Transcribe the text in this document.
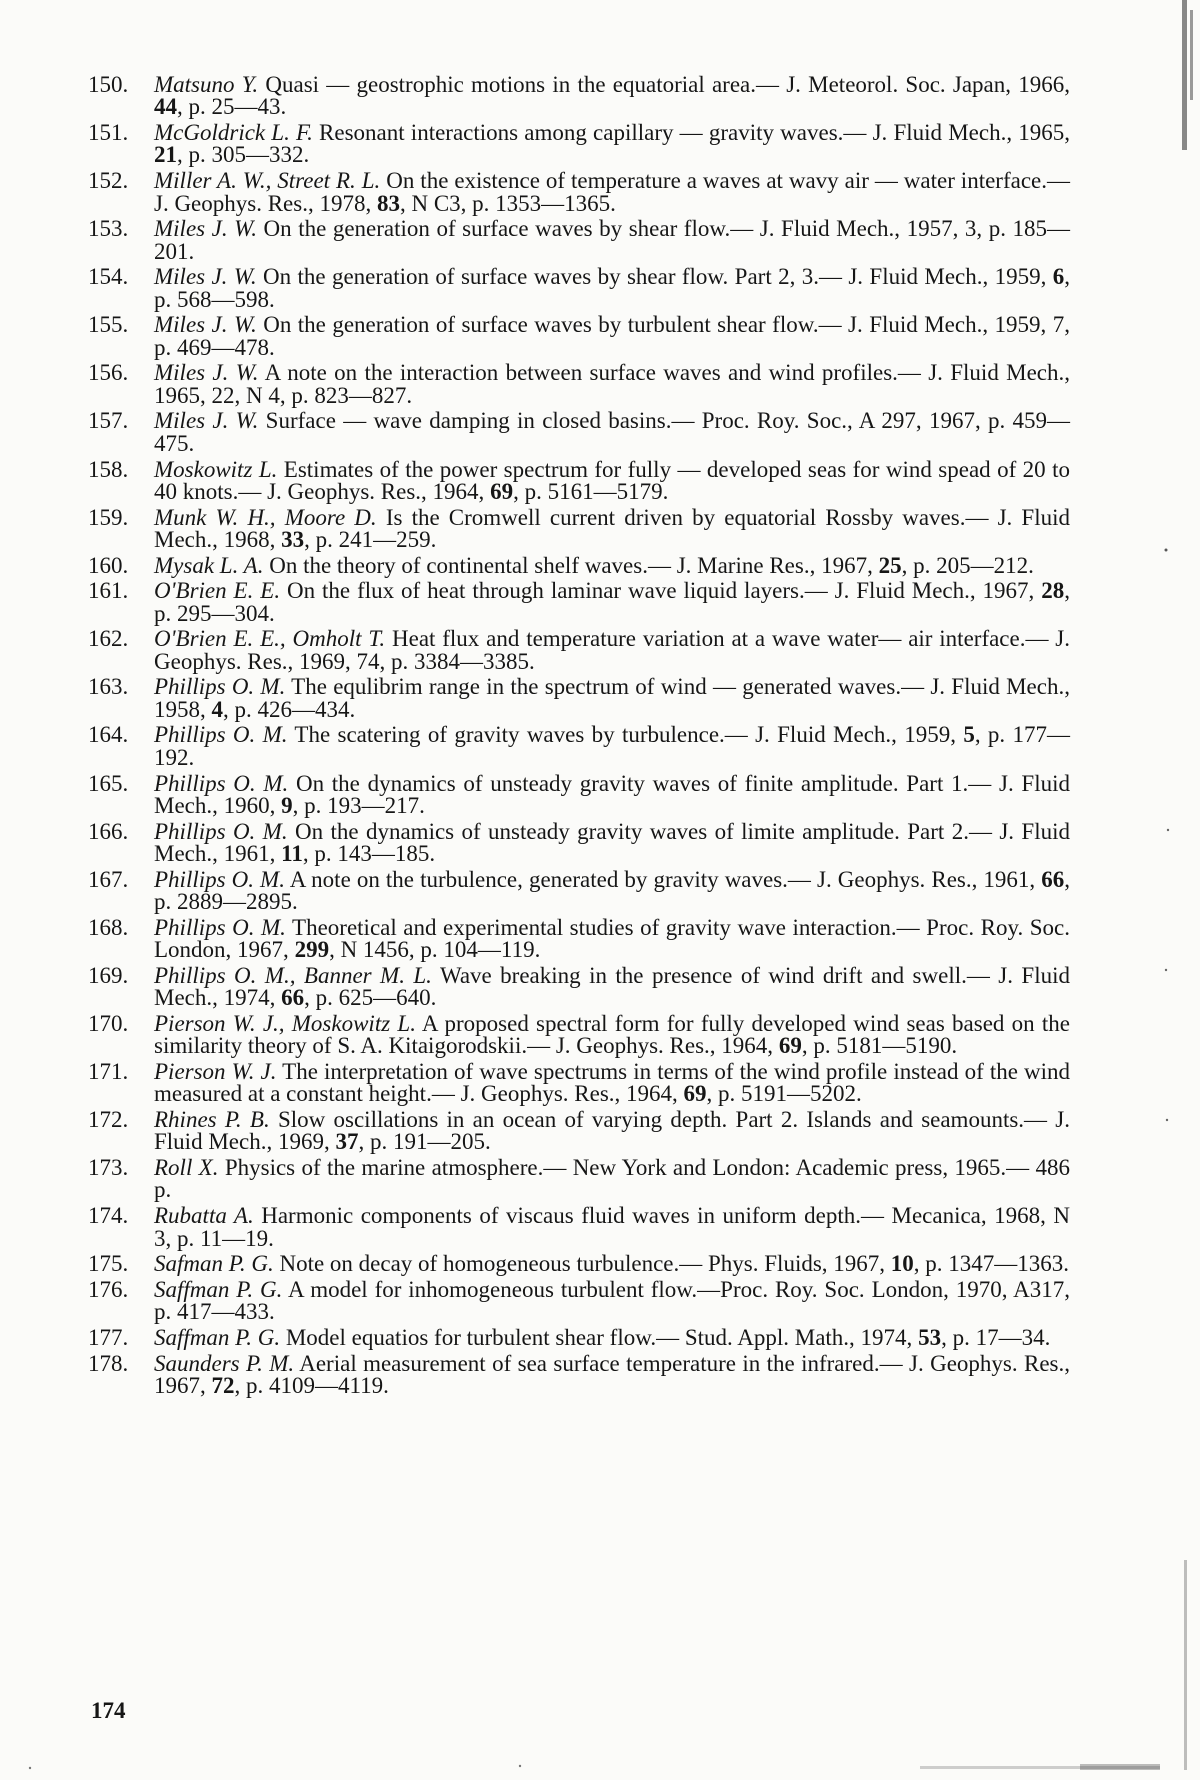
150.	Matsuno Y. Quasi — geostrophic motions in the equatorial area.— J. Meteorol. Soc. Japan, 1966, 44, p. 25—43.
151.	McGoldrick L. F. Resonant interactions among capillary — gravity waves.— J. Fluid Mech., 1965, 21, p. 305—332.
152.	Miller A. W., Street R. L. On the existence of temperature a waves at wavy air — water interface.— J. Geophys. Res., 1978, 83, N C3, p. 1353—1365.
153.	Miles J. W. On the generation of surface waves by shear flow.— J. Fluid Mech., 1957, 3, p. 185—201.
154.	Miles J. W. On the generation of surface waves by shear flow. Part 2, 3.— J. Fluid Mech., 1959, 6, p. 568—598.
155.	Miles J. W. On the generation of surface waves by turbulent shear flow.— J. Fluid Mech., 1959, 7, p. 469—478.
156.	Miles J. W. A note on the interaction between surface waves and wind profiles.— J. Fluid Mech., 1965, 22, N 4, p. 823—827.
157.	Miles J. W. Surface — wave damping in closed basins.— Proc. Roy. Soc., A 297, 1967, p. 459—475.
158.	Moskowitz L. Estimates of the power spectrum for fully — developed seas for wind spead of 20 to 40 knots.— J. Geophys. Res., 1964, 69, p. 5161—5179.
159.	Munk W. H., Moore D. Is the Cromwell current driven by equatorial Rossby waves.— J. Fluid Mech., 1968, 33, p. 241—259.
160.	Mysak L. A. On the theory of continental shelf waves.— J. Marine Res., 1967, 25, p. 205—212.
161.	O'Brien E. E. On the flux of heat through laminar wave liquid layers.— J. Fluid Mech., 1967, 28, p. 295—304.
162.	O'Brien E. E., Omholt T. Heat flux and temperature variation at a wave water— air interface.— J. Geophys. Res., 1969, 74, p. 3384—3385.
163.	Phillips O. M. The equlibrim range in the spectrum of wind — generated waves.— J. Fluid Mech., 1958, 4, p. 426—434.
164.	Phillips O. M. The scatering of gravity waves by turbulence.— J. Fluid Mech., 1959, 5, p. 177—192.
165.	Phillips O. M. On the dynamics of unsteady gravity waves of finite amplitude. Part 1.— J. Fluid Mech., 1960, 9, p. 193—217.
166.	Phillips O. M. On the dynamics of unsteady gravity waves of limite amplitude. Part 2.— J. Fluid Mech., 1961, 11, p. 143—185.
167.	Phillips O. M. A note on the turbulence, generated by gravity waves.— J. Geophys. Res., 1961, 66, p. 2889—2895.
168.	Phillips O. M. Theoretical and experimental studies of gravity wave interaction.— Proc. Roy. Soc. London, 1967, 299, N 1456, p. 104—119.
169.	Phillips O. M., Banner M. L. Wave breaking in the presence of wind drift and swell.— J. Fluid Mech., 1974, 66, p. 625—640.
170.	Pierson W. J., Moskowitz L. A proposed spectral form for fully developed wind seas based on the similarity theory of S. A. Kitaigorodskii.— J. Geophys. Res., 1964, 69, p. 5181—5190.
171.	Pierson W. J. The interpretation of wave spectrums in terms of the wind profile instead of the wind measured at a constant height.— J. Geophys. Res., 1964, 69, p. 5191—5202.
172.	Rhines P. B. Slow oscillations in an ocean of varying depth. Part 2. Islands and seamounts.— J. Fluid Mech., 1969, 37, p. 191—205.
173.	Roll X. Physics of the marine atmosphere.— New York and London: Academic press, 1965.— 486 p.
174.	Rubatta A. Harmonic components of viscaus fluid waves in uniform depth.— Mecanica, 1968, N 3, p. 11—19.
175.	Safman P. G. Note on decay of homogeneous turbulence.— Phys. Fluids, 1967, 10, p. 1347—1363.
176.	Saffman P. G. A model for inhomogeneous turbulent flow.—Proc. Roy. Soc. London, 1970, A317, p. 417—433.
177.	Saffman P. G. Model equatios for turbulent shear flow.— Stud. Appl. Math., 1974, 53, p. 17—34.
178.	Saunders P. M. Aerial measurement of sea surface temperature in the infrared.— J. Geophys. Res., 1967, 72, p. 4109—4119.
174
